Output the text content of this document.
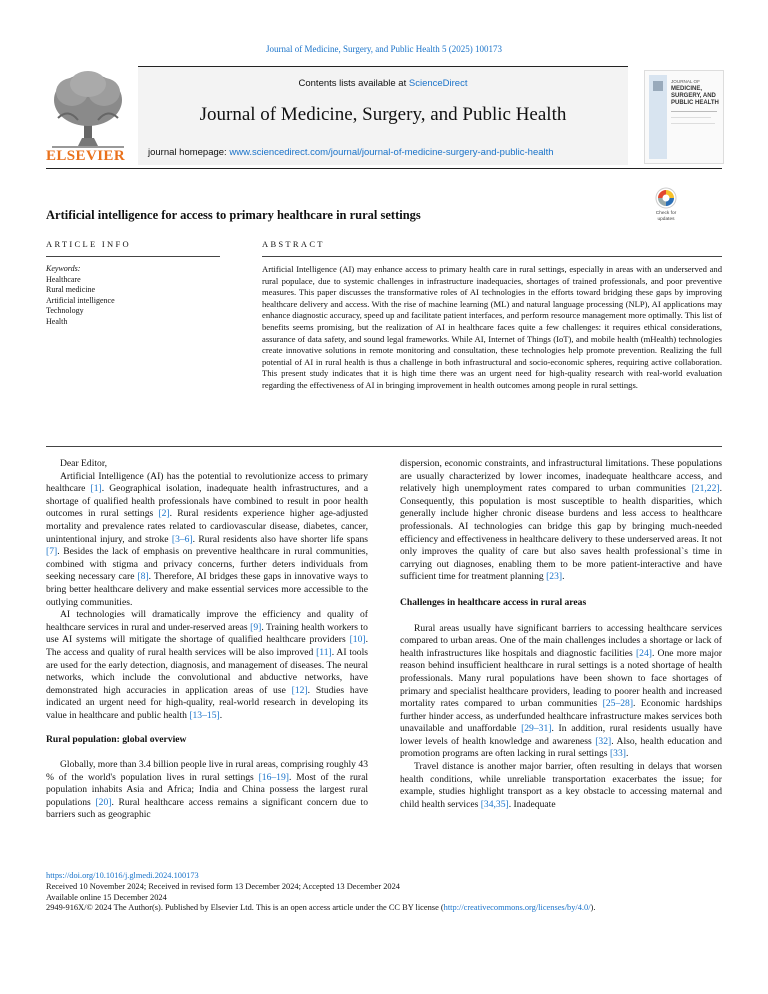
Journal of Medicine, Surgery, and Public Health 5 (2025) 100173
ELSEVIER
Contents lists available at ScienceDirect
Journal of Medicine, Surgery, and Public Health
journal homepage: www.sciencedirect.com/journal/journal-of-medicine-surgery-and-public-health
JOURNAL OF
MEDICINE,
SURGERY, AND
PUBLIC HEALTH
Check for
updates
Artificial intelligence for access to primary healthcare in rural settings
ARTICLE INFO	ABSTRACT
Keywords:
Healthcare
Rural medicine
Artificial intelligence
Technology
Health
Artificial Intelligence (AI) may enhance access to primary health care in rural settings, especially in areas with an underserved and rural populace, due to systemic challenges in infrastructure inadequacies, shortages of trained professionals, and poor preventive measures. This paper discusses the transformative roles of AI technologies in the efforts toward bridging these gaps by improving healthcare delivery and access. With the rise of machine learning (ML) and natural language processing (NLP), AI applications may enhance diagnostic accuracy, speed up and facilitate patient interfaces, and perform resource management more optimally. This list of benefits seems promising, but the realization of AI in healthcare faces quite a few challenges: it requires ethical considerations, assurance of data safety, and sound legal frameworks. While AI, Internet of Things (IoT), and mobile health (mHealth) technologies create innovative solutions in remote monitoring and consultation, these technologies help promote prevention. Realizing the full potential of AI in rural health is thus a challenge in both infrastructural and socio-economic spheres, requiring active collaboration. This present study indicates that it is high time there was an urgent need for high-quality research with real-world evaluation regarding the effectiveness of AI in bringing improvement in health outcomes among people in rural settings.

Dear Editor,

Artificial Intelligence (AI) has the potential to revolutionize access to primary healthcare [1]. Geographical isolation, inadequate health infrastructures, and a shortage of qualified health professionals have combined to result in poor health outcomes in rural settings [2]. Rural residents experience higher age-adjusted mortality and prevalence rates related to cardiovascular disease, diabetes, cancer, unintentional injury, and stroke [3–6]. Rural residents also have shorter life spans [7]. Besides the lack of emphasis on preventive healthcare in rural communities, combined with stigma and privacy concerns, further deters individuals from seeking necessary care [8]. Therefore, AI bridges these gaps in innovative ways to bring better healthcare delivery and make essential services more accessible to the outlying communities.

AI technologies will dramatically improve the efficiency and quality of healthcare services in rural and under-reserved areas [9]. Training health workers to use AI systems will mitigate the shortage of qualified healthcare providers [10]. The access and quality of rural health services will be also improved [11]. AI tools are used for the early detection, diagnosis, and management of diseases. The neural networks, which include the convolutional and abductive networks, have demonstrated high accuracies in application areas of use [12]. Studies have indicated an urgent need for high-quality, real-world research in developing its value in healthcare and public health [13–15].

Rural population: global overview

Globally, more than 3.4 billion people live in rural areas, comprising roughly 43 % of the world's population lives in rural settings [16–19]. Most of the rural population inhabits Asia and Africa; India and China possess the largest rural populations [20]. Rural healthcare access remains a significant concern due to barriers such as geographic

dispersion, economic constraints, and infrastructural limitations. These populations are usually characterized by lower incomes, inadequate healthcare access, and relatively high unemployment rates compared to urban communities [21,22]. Consequently, this population is most susceptible to health disparities, which generally include higher chronic disease burdens and less access to healthcare professionals. AI technologies can bridge this gap by bringing much-needed efficiency and effectiveness in healthcare delivery to these underserved areas. It not only improves the quality of care but also saves health professional`s time in carrying out diagnoses, enabling them to be more patient-interactive and have sufficient time for treatment planning [23].

Challenges in healthcare access in rural areas

Rural areas usually have significant barriers to accessing healthcare services compared to urban areas. One of the main challenges includes a shortage or lack of health infrastructures like hospitals and diagnostic facilities [24]. One more major reason behind insufficient healthcare in rural settings is a noted shortage of health professionals. Many rural populations have been shown to face shortages of primary and specialist healthcare providers, leading to poorer health and increased mortality rates compared to urban communities [25–28]. Economic hardships further hinder access, as underfunded healthcare infrastructure makes services both unavailable and unaffordable [29–31]. In addition, rural residents usually have lower levels of health knowledge and awareness [32]. Also, health education and promotion programs are often lacking in rural settings [33].

Travel distance is another major barrier, often resulting in delays that worsen health conditions, while unreliable transportation exacerbates the issue; for example, studies highlight transport as a key obstacle to accessing maternal and child health services [34,35]. Inadequate

https://doi.org/10.1016/j.glmedi.2024.100173
Received 10 November 2024; Received in revised form 13 December 2024; Accepted 13 December 2024
Available online 15 December 2024
2949-916X/© 2024 The Author(s). Published by Elsevier Ltd. This is an open access article under the CC BY license (http://creativecommons.org/licenses/by/4.0/).
